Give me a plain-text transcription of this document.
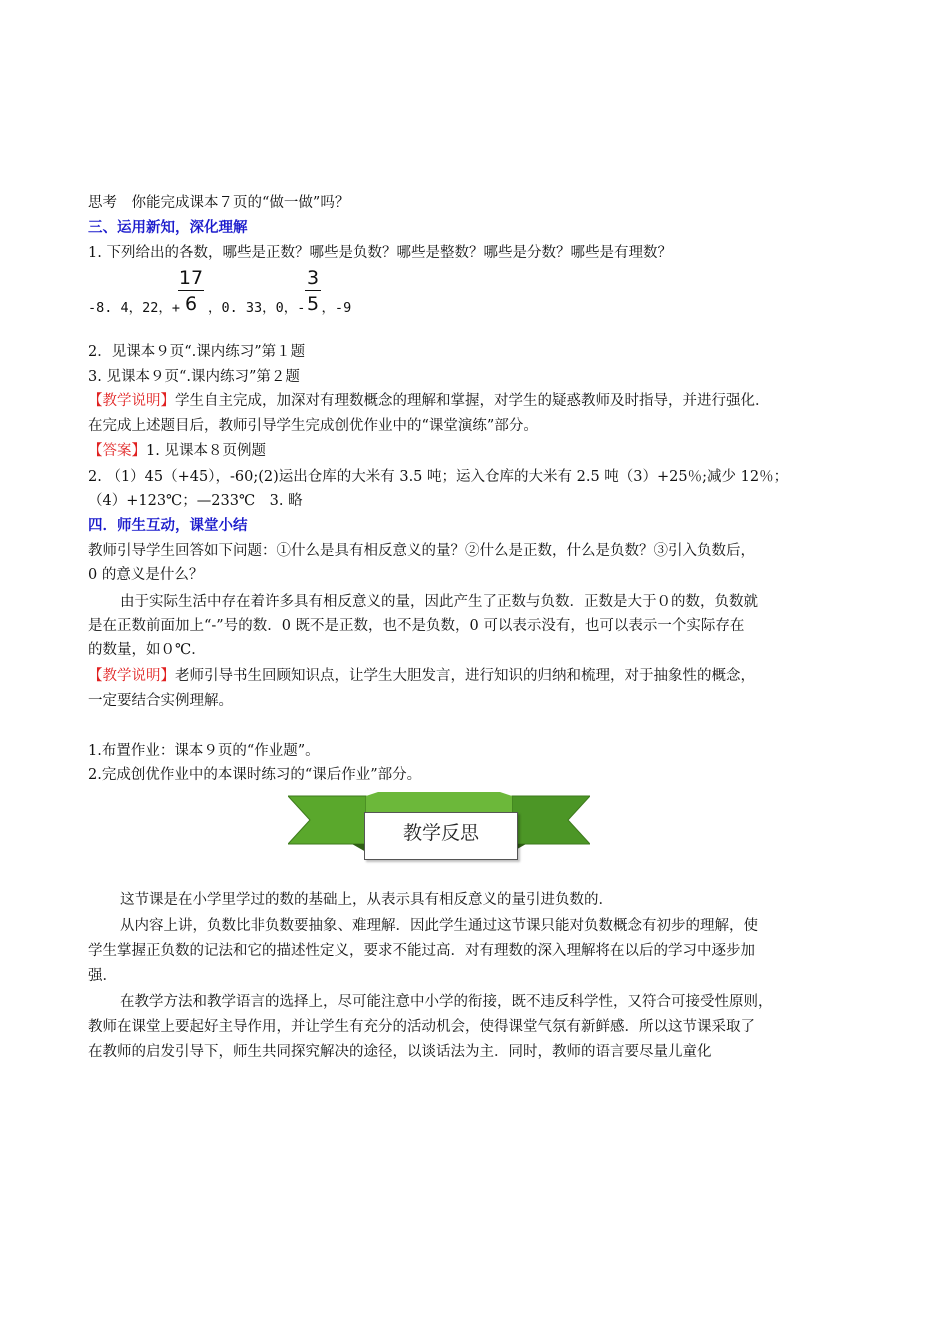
思考　你能完成课本７页的“做一做”吗？
三、运用新知，深化理解
1. 下列给出的各数，哪些是正数？哪些是负数？哪些是整数？哪些是分数？哪些是有理数？
-8. 4，22，+ ，0. 33，0，- ，-9
17
6
3
5
2．见课本９页“.课内练习”第１题
3. 见课本９页“.课内练习”第２题
【教学说明】学生自主完成，加深对有理数概念的理解和掌握，对学生的疑惑教师及时指导，并进行强化．
在完成上述题目后，教师引导学生完成创优作业中的“课堂演练”部分。
【答案】1. 见课本８页例题
2. （1）45（+45），-60;(2)运出仓库的大米有 3.5 吨；运入仓库的大米有 2.5 吨（3）+25％;减少 12％；
（4）+123℃；—233℃　3. 略
四．师生互动，课堂小结
教师引导学生回答如下问题：①什么是具有相反意义的量？②什么是正数，什么是负数？③引入负数后，
0 的意义是什么？
由于实际生活中存在着许多具有相反意义的量，因此产生了正数与负数．正数是大于０的数，负数就
是在正数前面加上“-”号的数．0 既不是正数，也不是负数，0 可以表示没有，也可以表示一个实际存在
的数量，如０℃．
【教学说明】老师引导书生回顾知识点，让学生大胆发言，进行知识的归纳和梳理，对于抽象性的概念，
一定要结合实例理解。
1.布置作业：课本９页的“作业题”。
2.完成创优作业中的本课时练习的“课后作业”部分。
教学反思
这节课是在小学里学过的数的基础上，从表示具有相反意义的量引进负数的．
从内容上讲，负数比非负数要抽象、难理解．因此学生通过这节课只能对负数概念有初步的理解，使
学生掌握正负数的记法和它的描述性定义，要求不能过高．对有理数的深入理解将在以后的学习中逐步加
强．
在教学方法和教学语言的选择上，尽可能注意中小学的衔接，既不违反科学性，又符合可接受性原则，
教师在课堂上要起好主导作用，并让学生有充分的活动机会，使得课堂气氛有新鲜感．所以这节课采取了
在教师的启发引导下，师生共同探究解决的途径，以谈话法为主．同时，教师的语言要尽量儿童化
